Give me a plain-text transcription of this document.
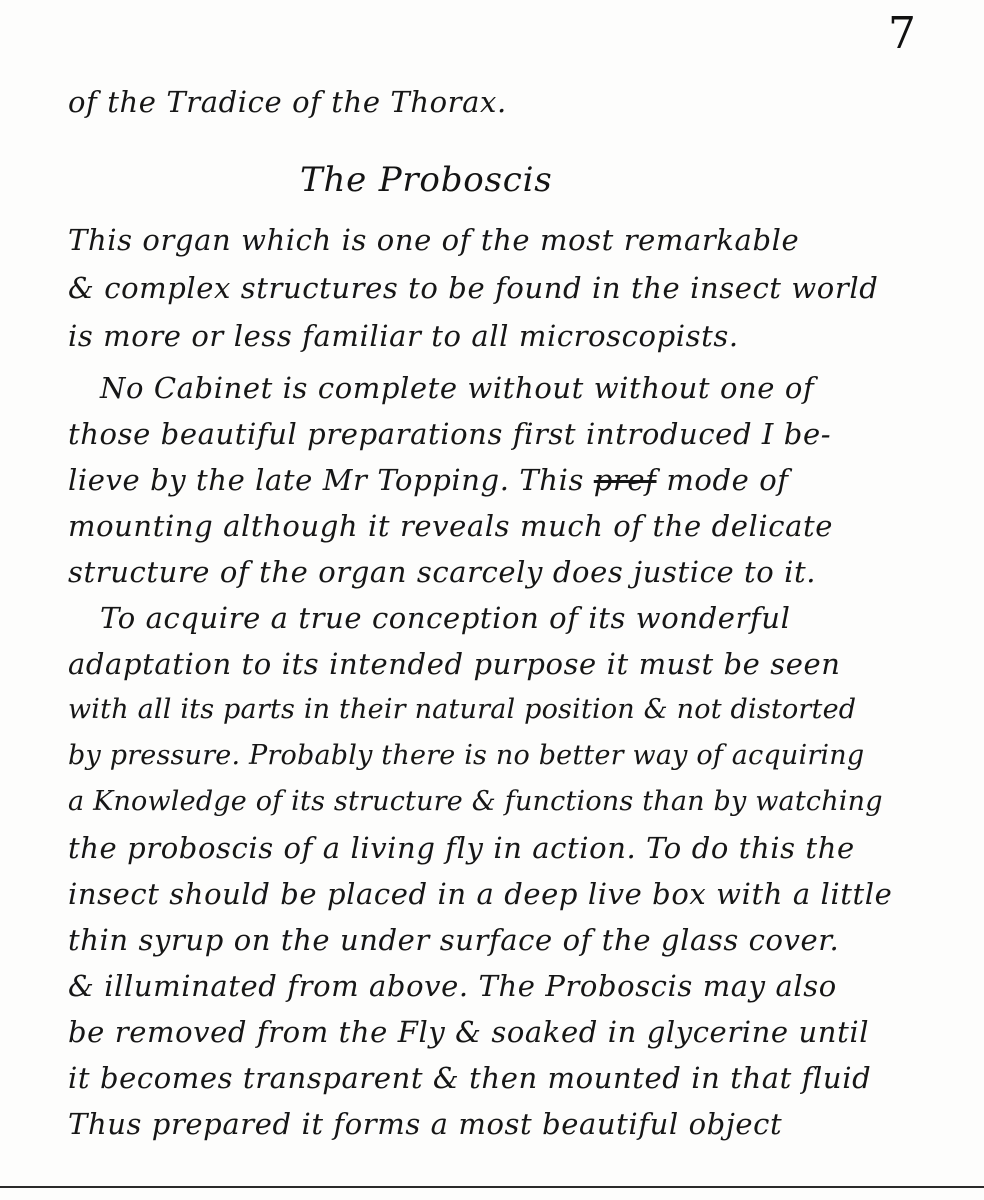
7
of the Tradice of the Thorax.
The Proboscis
This organ which is one of the most remarkable
& complex structures to be found in the insect world
is more or less familiar to all microscopists.
No Cabinet is complete without without one of
those beautiful preparations first introduced I be-
lieve by the late Mr Topping. This pref mode of
mounting although it reveals much of the delicate
structure of the organ scarcely does justice to it.
To acquire a true conception of its wonderful
adaptation to its intended purpose it must be seen
with all its parts in their natural position & not distorted
by pressure. Probably there is no better way of acquiring
a Knowledge of its structure & functions than by watching
the proboscis of a living fly in action. To do this the
insect should be placed in a deep live box with a little
thin syrup on the under surface of the glass cover.
& illuminated from above. The Proboscis may also
be removed from the Fly & soaked in glycerine until
it becomes transparent & then mounted in that fluid
Thus prepared it forms a most beautiful object
